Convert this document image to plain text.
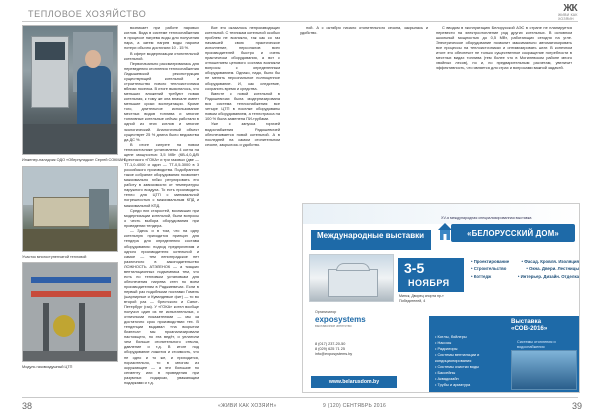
ТЕПЛОВОЕ ХОЗЯЙСТВО
ЖК
ЖИВИ КАК ХОЗЯИН
Инженер-наладчик ОДО «Обернуладка» Сергей СОКМАН
Участок многоступенчатой тепловой
Модуль газовоздушный ЦТП

возникает при работе паровых котлов. Вода в системе теплоснабжения в процессе нагрева воды для получения пара, а затем нагрев воды пароем потери обычно достигали 10 - 15 %.

В сфере модернизации отопительной котельной.

Первоначально рассматривалась для переведения отопления теплоснабжения Ладышевской реконструкция существующей котельной и строительство нового теплоисточника вблизи поселка. В итоге выяснилось, что меньших вложений требуют новая котельная, к тому же она вначале имеет меньшие сроки эксплуатации. Кроме того, длительное использование местных видов топлива и многие топливные котельные сейчас работали в одной из этих котлов и многие экологический. Аналогичный объект существует 25 % длина было ведомства да ДС %.

В итоге силуэте на новом теплоисточнике установлены 4 котла на щепе мощностью 3,5 МВт (КВ-4,0-Д/В Брестского «ГОКА» и три газовых (две — ТТ-1,0-4000 и один — ТТ-0,5-3000 в 3 российского производства. Подобранное такое собрание оборудования позволяет максимально гибко регулировать его работу в зависимости от температуры наружного воздуха. То есть производить тепло для ЦТП с минимальной погрешностью с максимальным КПД и максимальной КПД.

Среди них старостей, возникших при модернизации котельной, были вопросы о честь выбора оборудования при проведении тендера.

— Здесь и в том, что на одну котельную приходится принцип для тендера для определения состава оборудования: подход предприятиям и одного производителя котельной и самое — тем ленинградское нет различного в законодательство ЛОЖНОСТЬ АТЭЛЕНОК — а ткацких вентиляционных подъемника тем, что есть по тепловым установкам для обеспечения нагрева стен по всем производителям в Раджиевичах. Если в первый раз подобными поставки Гомель (шарнирные и Кувандевые фит) — то во второй раз — брестского и Санкт-Петербург (газ). У «ГОКА» котел вообще получил один из не испытательных, с отличными показателями — мы за достаточно срок производствии тех. В тенденции выдавал «на вскрытии бизнеса» мы проанализировали настоящего, но эта ведёт, и уплатили чем больше отопительного ствола, давление и т.д. В итоге под оборудование ложится и стоимость, что не одно и то же, и приходится, поразительно, то в многом из окружающее — а эти большие по сегменту или в проведения при разумных подарках, уважающим подарками и т.д.

Все это оказалось непроизводящих котельной. С техникам котельной особых проблем не возникло, так как со газ начавшей свою практическое исполнение, персоналов всех производителей быстро и очень практически оборудования, а вот с отношением ценового состава возникли вопросы с определенным оборудованием. Однако, надо, было бы не менять персональное полноценное оборудование. И, как следствие, сохранить время и средства.

Вместе с новой котельной в Радошевичах была модернизирована вся система теплоснабжения: все четыре ЦТП в поселке оборудованы новым оборудованием, а теплотрасса на 100 % была заменена ПИ-трубами.

Уже с запуска горячей водоснабжения Радошевичей обеспечивается новой котельной. А в последней на самом отопительном сезоне, закрылось и удобство.

ной. А с октября начало отопительного сезона, закрылась и удобство.

С вводом в эксплуатацию Белорусской АЭС в стране не планируется перевести на электроотопление ряд других котельных. В основном школьный мощностью до 0,5 МВт, работающих сегодня на угле. Электрическое оборудование позволит максимально автоматизировать все процессы на теплоисточниках и оптимизировать штат. В конечном итоге это обеспечит не только существенное сокращение потребности в местных видах топлива (тем более что в Могилевском районе много хвойных лесов), но и, по предварительным расчетам, увеличит эффективность, что является для страх и вопросами важной задачей.

Международные выставки
XV-я международная специализированная выставка
«БЕЛОРУССКИЙ ДОМ»
3-5
НОЯБРЯ
Минск, Дворец спорта пр-т Победителей, 4
• Проектирование	• Фасад. Кровля. Изоляция
• Строительство	• Окна. Двери. Лестницы
• Коттедж	• Интерьер. Дизайн. Отделка
Организатор
exposystems
выставочное агентство
8 (017) 237-20-50
8 (029) 625 71 25
info@exposystems.by
www.belarusdom.by
Выставка «СОВ-2016»
• Котлы, бойлеры
• Насосы
• Радиаторы
• Системы вентиляции и кондиционирования
• Системы очистки воды
• Бассейны
• Аквадизайн
• Трубы и арматура
Системы отопления и водоснабжения
38	«ЖИВИ КАК ХОЗЯИН»	9 (120) СЕНТЯБРЬ 2016	39
